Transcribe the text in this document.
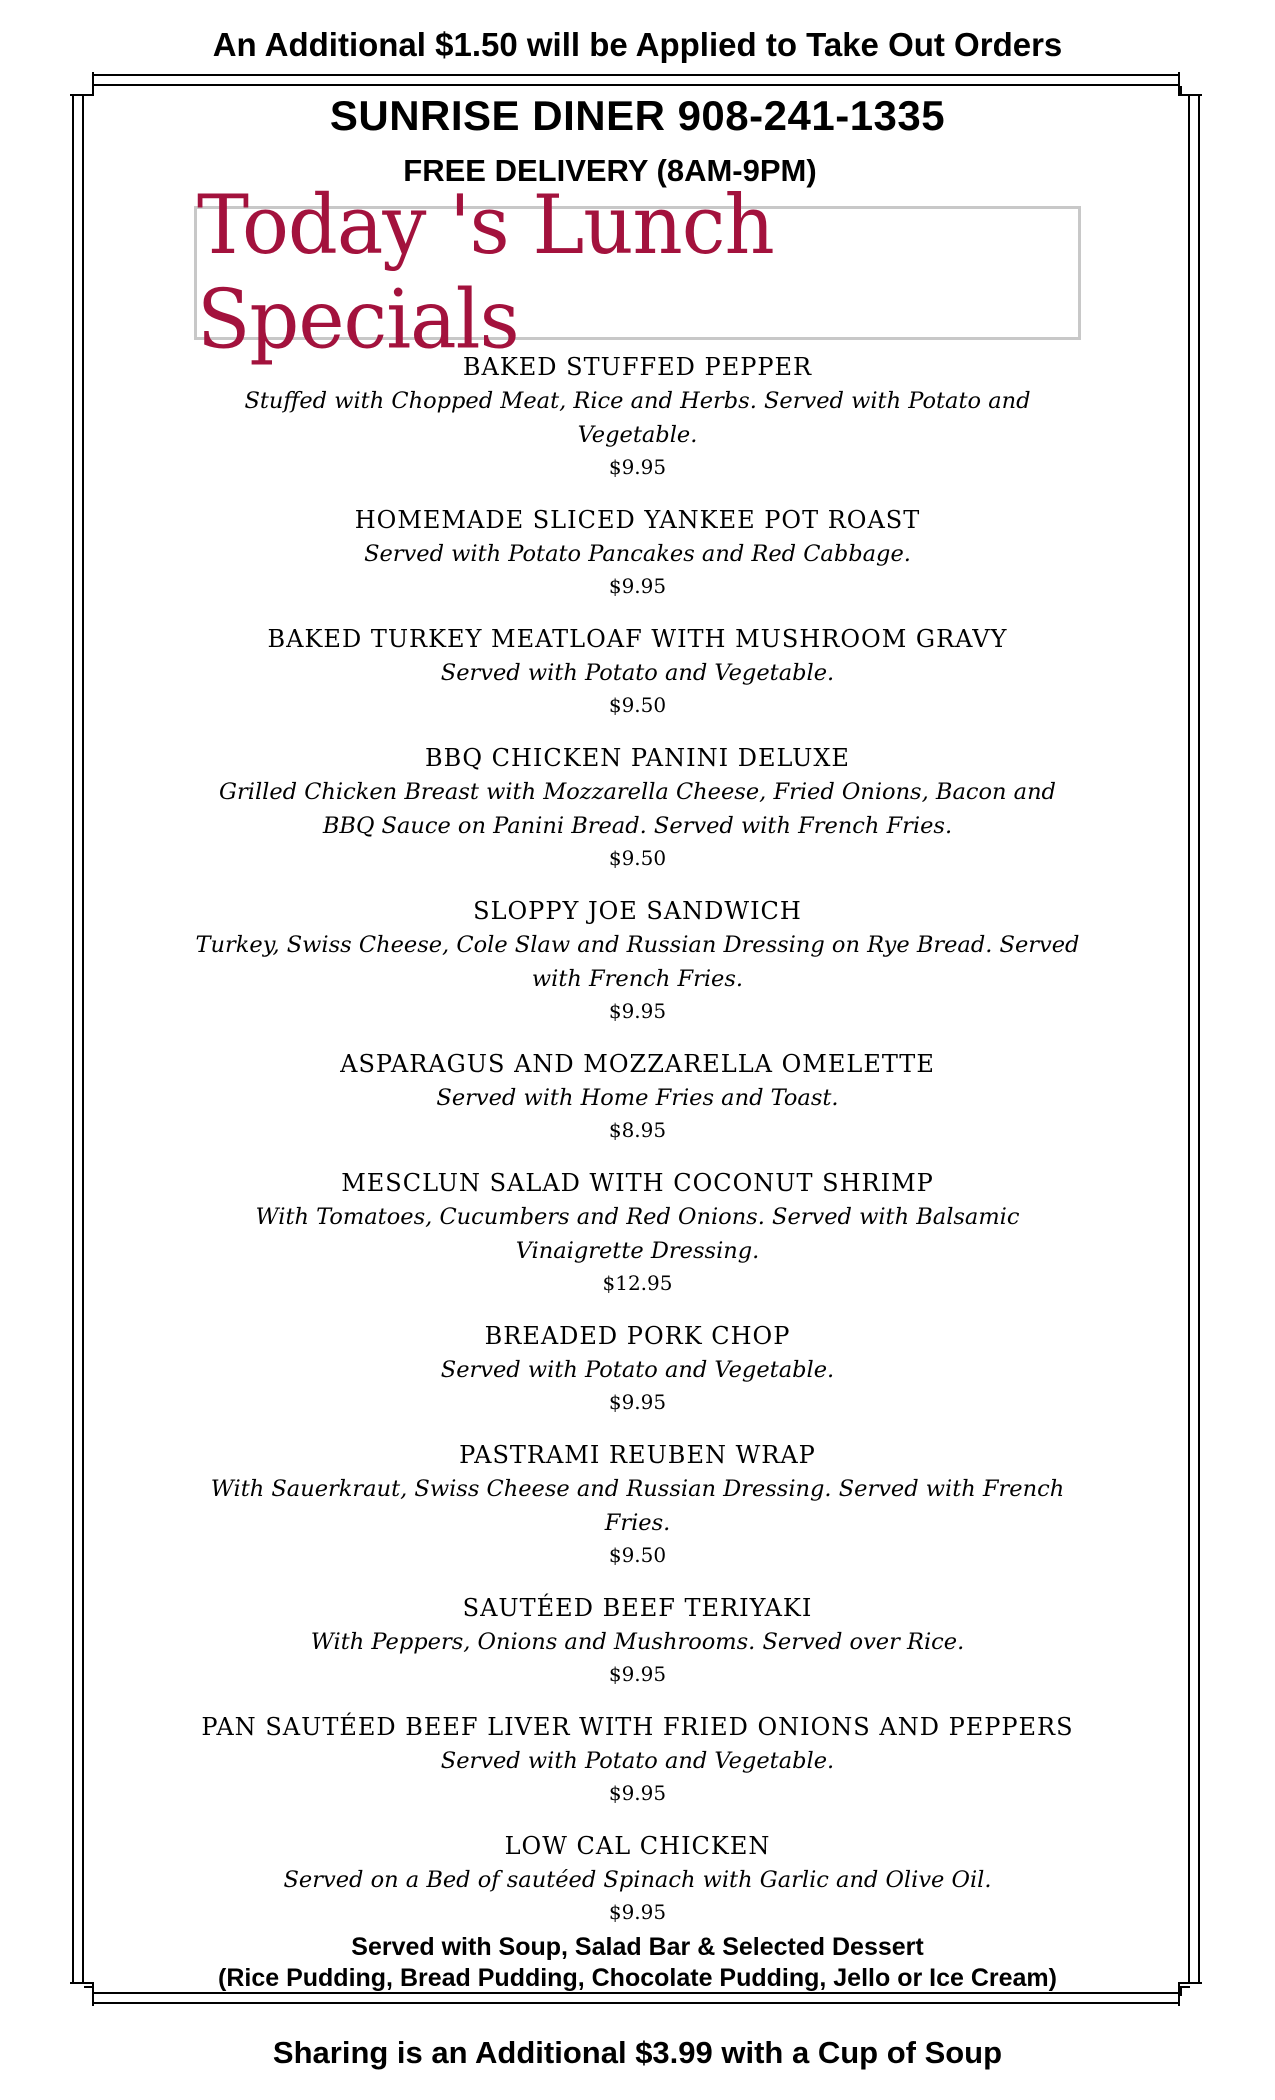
An Additional $1.50 will be Applied to Take Out Orders
SUNRISE DINER 908-241-1335
FREE DELIVERY (8AM-9PM)
Today 's Lunch Specials
BAKED STUFFED PEPPER
Stuffed with Chopped Meat, Rice and Herbs. Served with Potato and Vegetable.
$9.95
HOMEMADE SLICED YANKEE POT ROAST
Served with Potato Pancakes and Red Cabbage.
$9.95
BAKED TURKEY MEATLOAF WITH MUSHROOM GRAVY
Served with Potato and Vegetable.
$9.50
BBQ CHICKEN PANINI DELUXE
Grilled Chicken Breast with Mozzarella Cheese, Fried Onions, Bacon and BBQ Sauce on Panini Bread. Served with French Fries.
$9.50
SLOPPY JOE SANDWICH
Turkey, Swiss Cheese, Cole Slaw and Russian Dressing on Rye Bread. Served with French Fries.
$9.95
ASPARAGUS AND MOZZARELLA OMELETTE
Served with Home Fries and Toast.
$8.95
MESCLUN SALAD WITH COCONUT SHRIMP
With Tomatoes, Cucumbers and Red Onions. Served with Balsamic Vinaigrette Dressing.
$12.95
BREADED PORK CHOP
Served with Potato and Vegetable.
$9.95
PASTRAMI REUBEN WRAP
With Sauerkraut, Swiss Cheese and Russian Dressing. Served with French Fries.
$9.50
SAUTÉED BEEF TERIYAKI
With Peppers, Onions and Mushrooms. Served over Rice.
$9.95
PAN SAUTÉED BEEF LIVER WITH FRIED ONIONS AND PEPPERS
Served with Potato and Vegetable.
$9.95
LOW CAL CHICKEN
Served on a Bed of sautéed Spinach with Garlic and Olive Oil.
$9.95
Served with Soup, Salad Bar & Selected Dessert
(Rice Pudding, Bread Pudding, Chocolate Pudding, Jello or Ice Cream)
Sharing is an Additional $3.99 with a Cup of Soup
